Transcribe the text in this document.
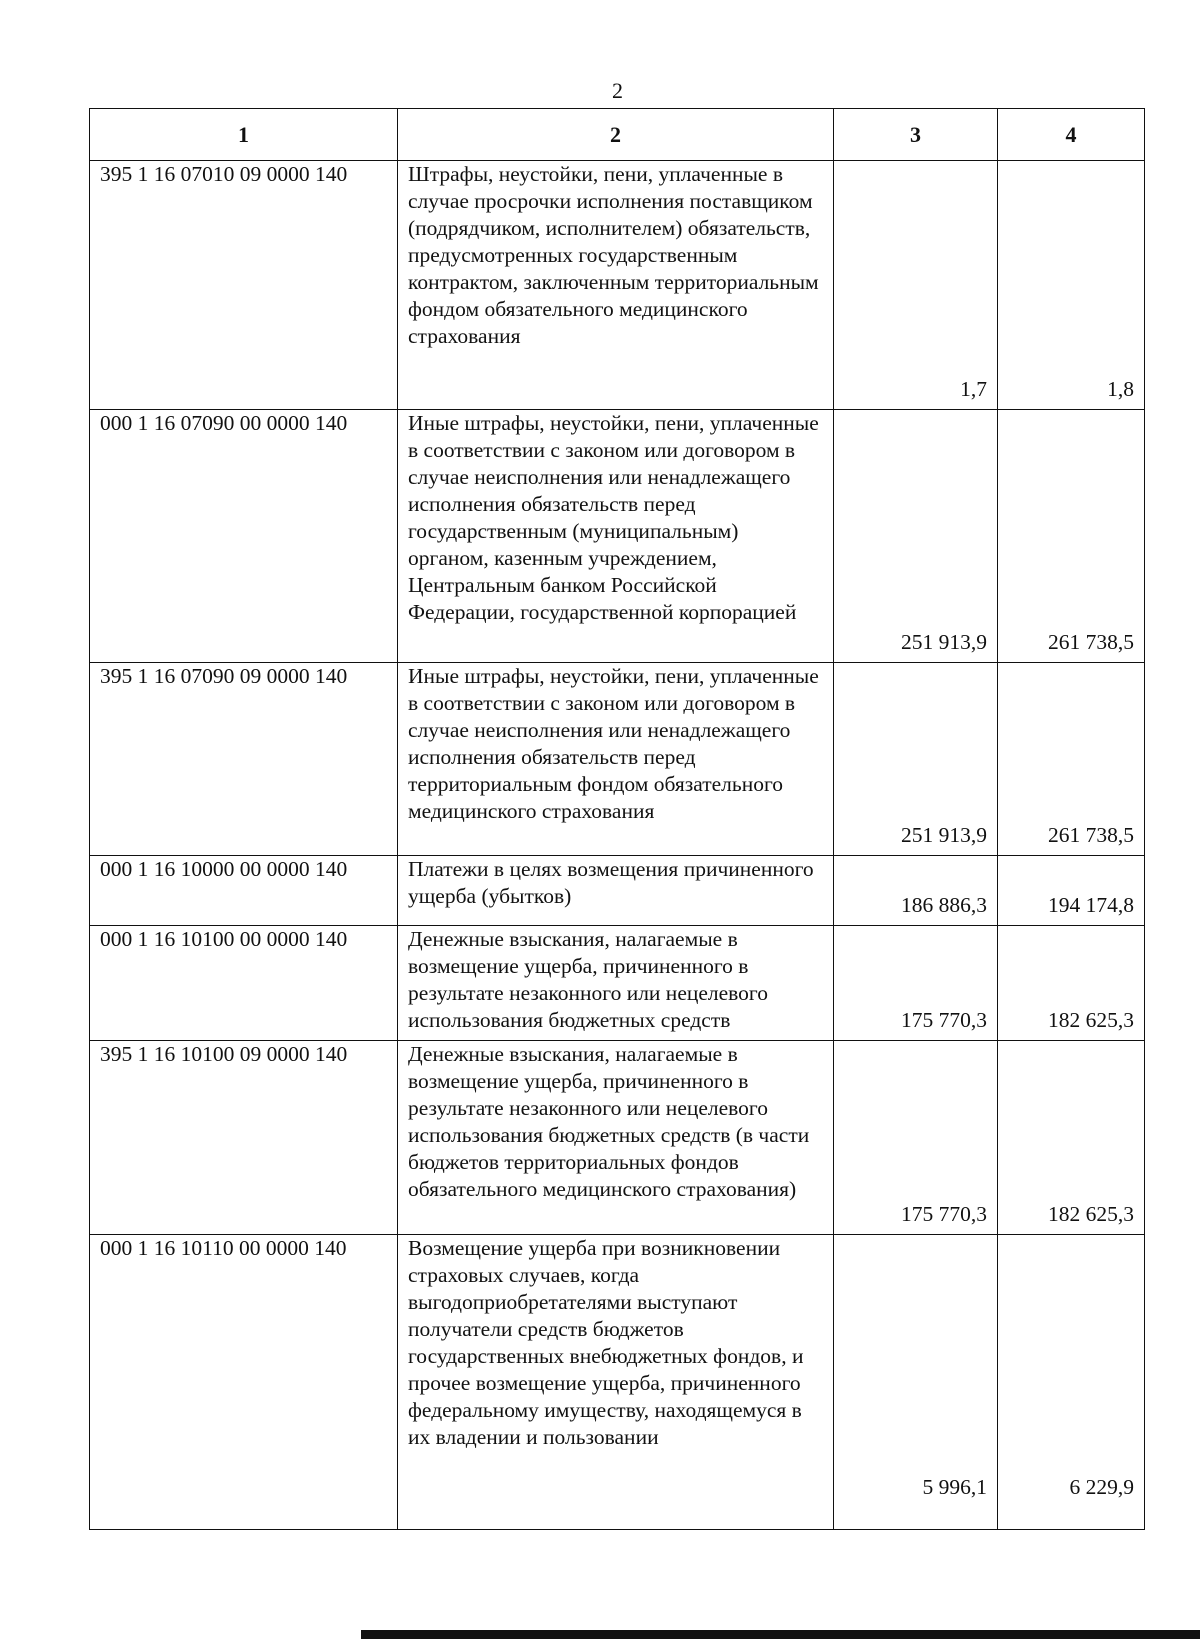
2
1	2	3	4
395 1 16 07010 09 0000 140	Штрафы, неустойки, пени, уплаченные в случае просрочки исполнения поставщиком (подрядчиком, исполнителем) обязательств, предусмотренных государственным контрактом, заключенным территориальным фондом обязательного медицинского страхования	1,7	1,8
000 1 16 07090 00 0000 140	Иные штрафы, неустойки, пени, уплаченные в соответствии с законом или договором в случае неисполнения или ненадлежащего исполнения обязательств перед государственным (муниципальным) органом, казенным учреждением, Центральным банком Российской Федерации, государственной корпорацией	251 913,9	261 738,5
395 1 16 07090 09 0000 140	Иные штрафы, неустойки, пени, уплаченные в соответствии с законом или договором в случае неисполнения или ненадлежащего исполнения обязательств перед территориальным фондом обязательного медицинского страхования	251 913,9	261 738,5
000 1 16 10000 00 0000 140	Платежи в целях возмещения причиненного ущерба (убытков)	186 886,3	194 174,8
000 1 16 10100 00 0000 140	Денежные взыскания, налагаемые в возмещение ущерба, причиненного в результате незаконного или нецелевого использования бюджетных средств	175 770,3	182 625,3
395 1 16 10100 09 0000 140	Денежные взыскания, налагаемые в возмещение ущерба, причиненного в результате незаконного или нецелевого использования бюджетных средств (в части бюджетов территориальных фондов обязательного медицинского страхования)	175 770,3	182 625,3
000 1 16 10110 00 0000 140	Возмещение ущерба при возникновении страховых случаев, когда выгодоприобретателями выступают получатели средств бюджетов государственных внебюджетных фондов, и прочее возмещение ущерба, причиненного федеральному имуществу, находящемуся в их владении и пользовании	5 996,1	6 229,9
